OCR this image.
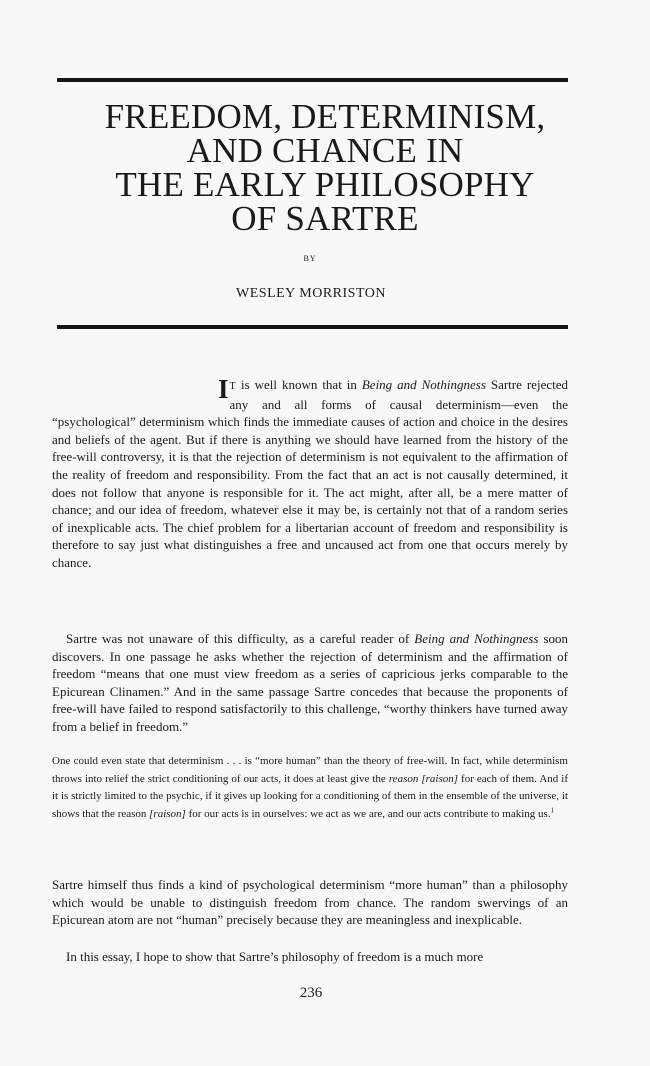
FREEDOM, DETERMINISM,
AND CHANCE IN
THE EARLY PHILOSOPHY
OF SARTRE
BY
WESLEY MORRISTON
I T is well known that in Being and Nothingness Sartre rejected any and all forms of causal determinism—even the “psychological” determinism which finds the immediate causes of action and choice in the desires and beliefs of the agent. But if there is anything we should have learned from the history of the free-will controversy, it is that the rejection of determinism is not equivalent to the affirmation of the reality of freedom and responsibility. From the fact that an act is not causally determined, it does not follow that anyone is responsible for it. The act might, after all, be a mere matter of chance; and our idea of freedom, whatever else it may be, is certainly not that of a random series of inexplicable acts. The chief problem for a libertarian account of freedom and responsibility is therefore to say just what distinguishes a free and uncaused act from one that occurs merely by chance.
Sartre was not unaware of this difficulty, as a careful reader of Being and Nothingness soon discovers. In one passage he asks whether the rejection of determinism and the affirmation of freedom “means that one must view freedom as a series of capricious jerks comparable to the Epicurean Clinamen.” And in the same passage Sartre concedes that because the proponents of free-will have failed to respond satisfactorily to this challenge, “worthy thinkers have turned away from a belief in freedom.”
One could even state that determinism . . . is “more human” than the theory of free-will. In fact, while determinism throws into relief the strict conditioning of our acts, it does at least give the reason [raison] for each of them. And if it is strictly limited to the psychic, if it gives up looking for a conditioning of them in the ensemble of the universe, it shows that the reason [raison] for our acts is in ourselves: we act as we are, and our acts contribute to making us.$^1$
Sartre himself thus finds a kind of psychological determinism “more human” than a philosophy which would be unable to distinguish freedom from chance. The random swervings of an Epicurean atom are not “human” precisely because they are meaningless and inexplicable.
In this essay, I hope to show that Sartre’s philosophy of freedom is a much more
236
